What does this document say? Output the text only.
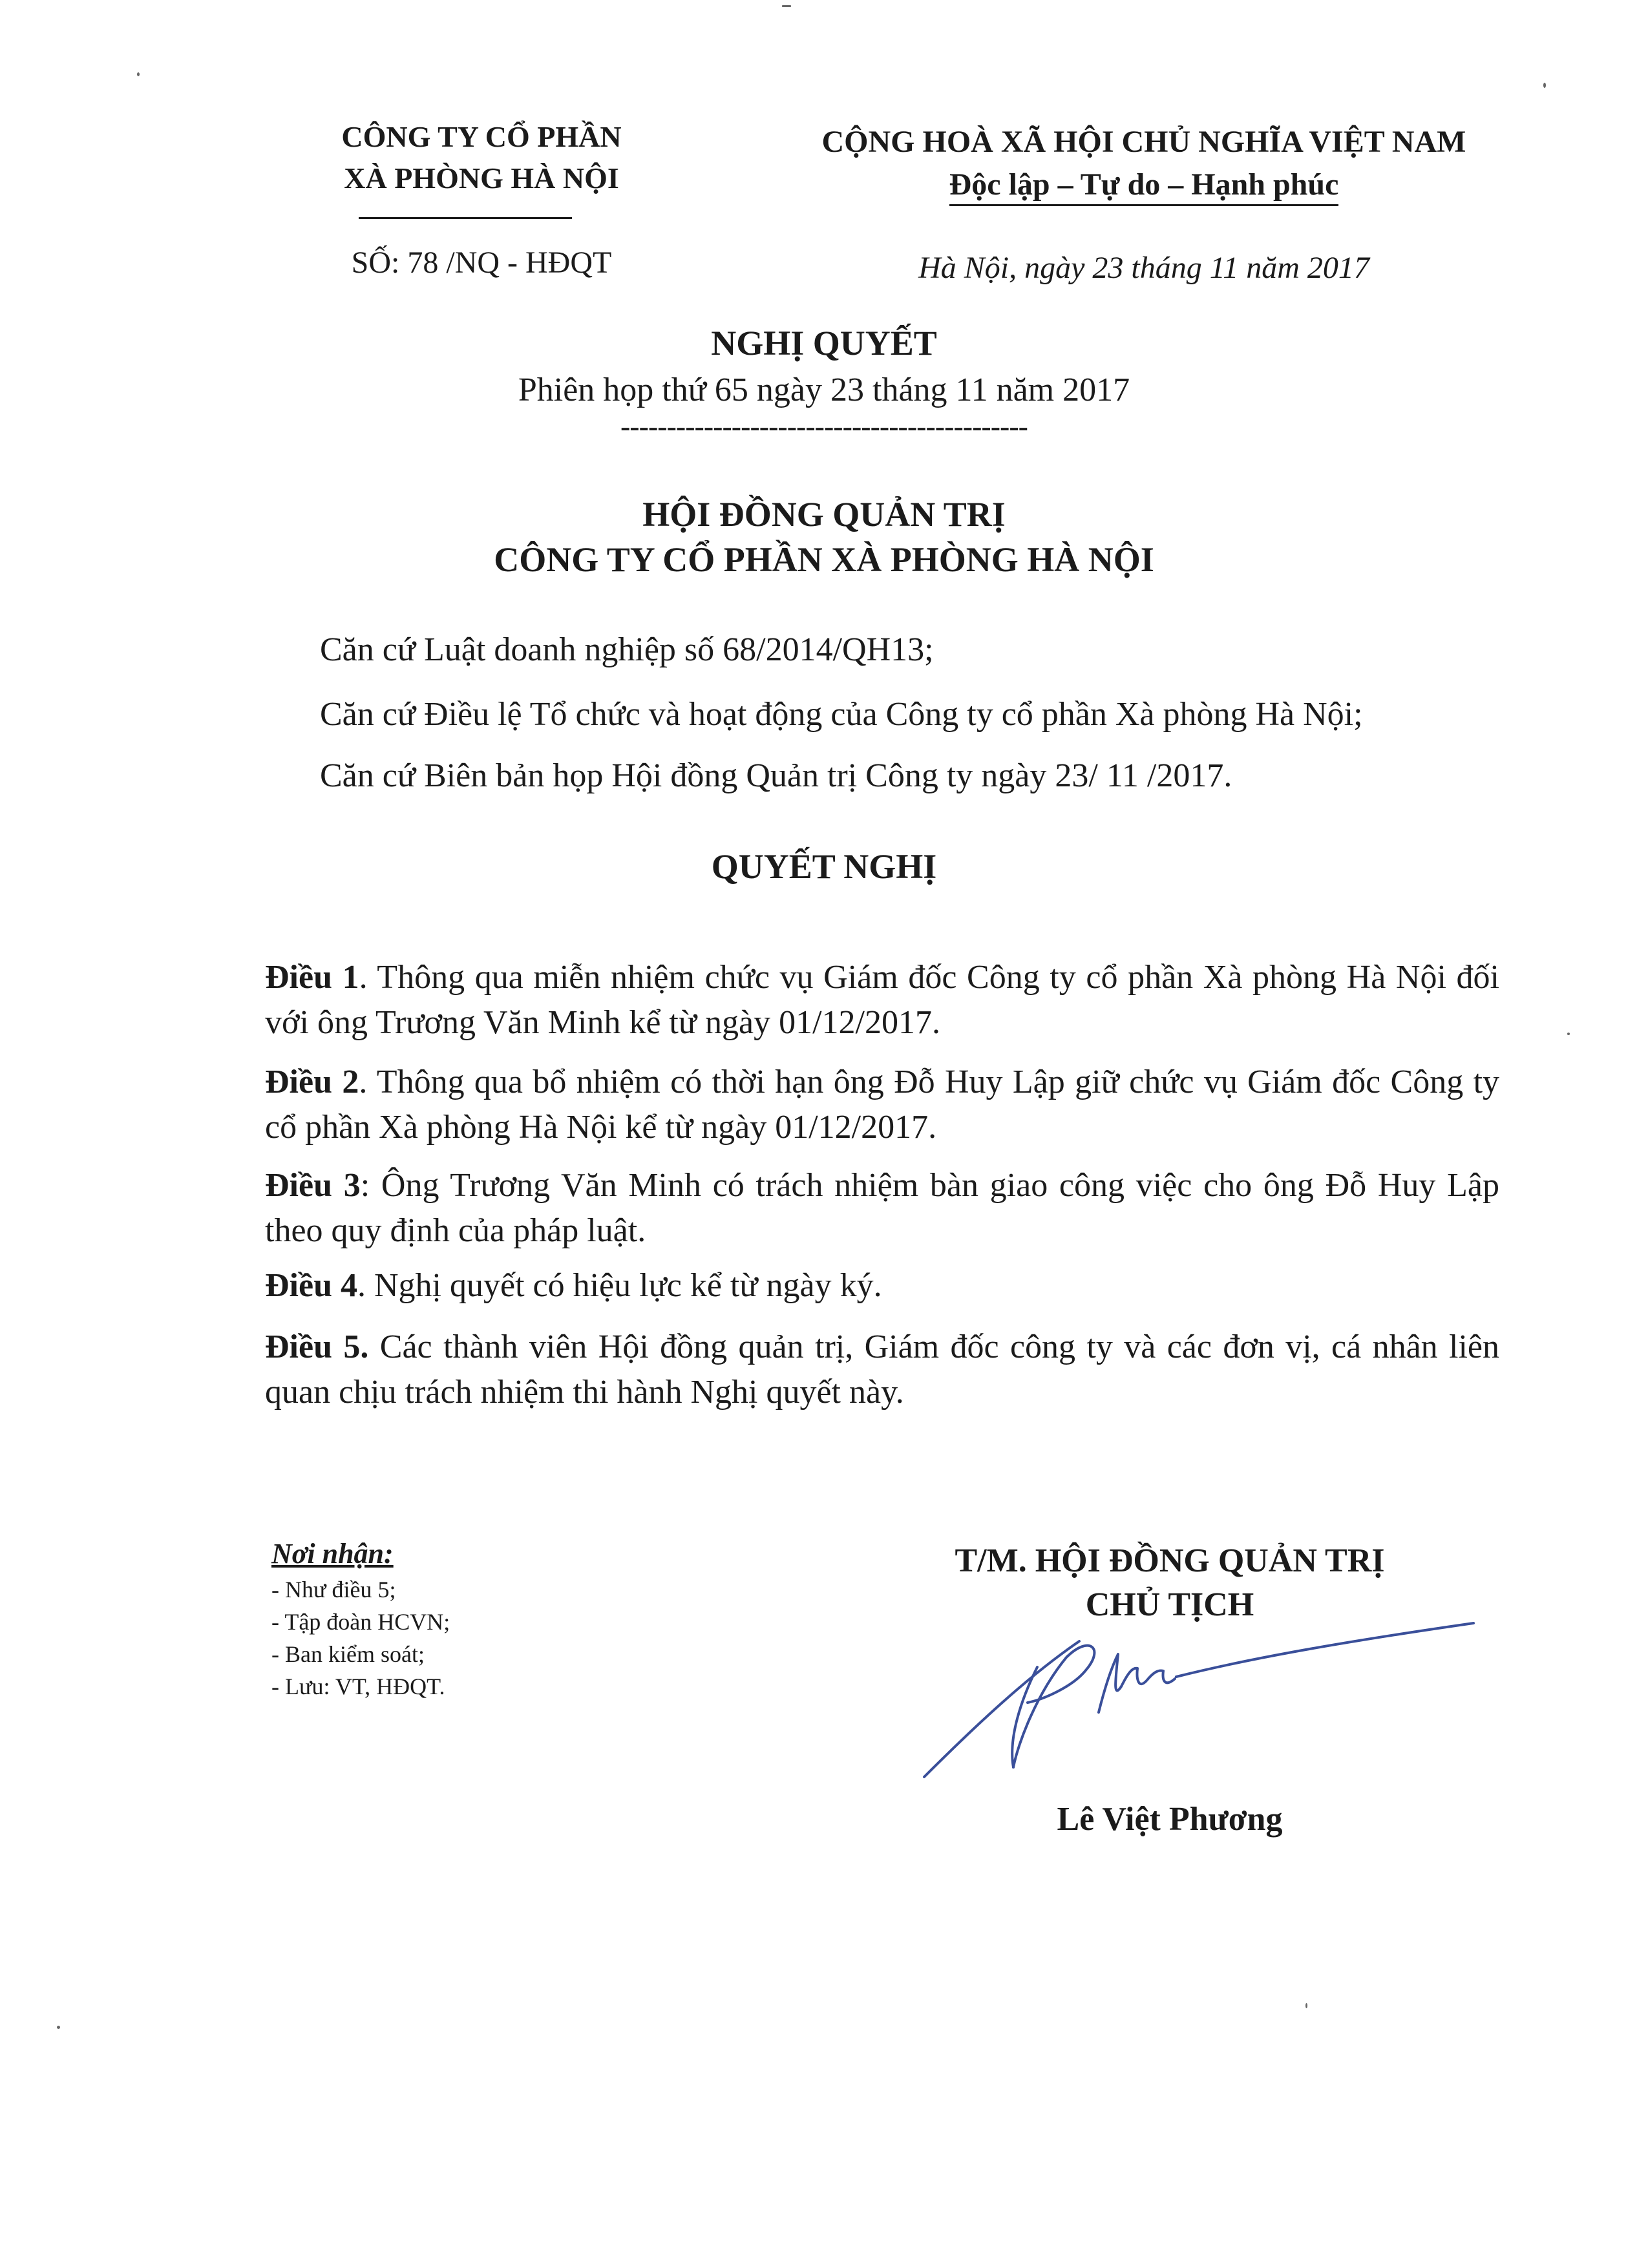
CÔNG TY CỔ PHẦN
XÀ PHÒNG HÀ NỘI
SỐ: 78 /NQ - HĐQT
CỘNG HOÀ XÃ HỘI CHỦ NGHĨA VIỆT NAM
Độc lập – Tự do – Hạnh phúc
Hà Nội, ngày 23 tháng 11 năm 2017
NGHỊ QUYẾT
Phiên họp thứ 65 ngày 23 tháng 11 năm 2017
--------------------------------------------
HỘI ĐỒNG QUẢN TRỊ
CÔNG TY CỔ PHẦN XÀ PHÒNG HÀ NỘI
Căn cứ Luật doanh nghiệp số 68/2014/QH13;
Căn cứ Điều lệ Tổ chức và hoạt động của Công ty cổ phần Xà phòng Hà Nội;
Căn cứ Biên bản họp Hội đồng Quản trị Công ty ngày 23/ 11 /2017.
QUYẾT NGHỊ
Điều 1. Thông qua miễn nhiệm chức vụ Giám đốc Công ty cổ phần Xà phòng Hà Nội đối với ông Trương Văn Minh kể từ ngày 01/12/2017.
Điều 2. Thông qua bổ nhiệm có thời hạn ông Đỗ Huy Lập giữ chức vụ Giám đốc Công ty cổ phần Xà phòng Hà Nội kể từ ngày 01/12/2017.
Điều 3: Ông Trương Văn Minh có trách nhiệm bàn giao công việc cho ông Đỗ Huy Lập theo quy định của pháp luật.
Điều 4. Nghị quyết có hiệu lực kể từ ngày ký.
Điều 5. Các thành viên Hội đồng quản trị, Giám đốc công ty và các đơn vị, cá nhân liên quan chịu trách nhiệm thi hành Nghị quyết này.
Nơi nhận:
- Như điều 5;
- Tập đoàn HCVN;
- Ban kiểm soát;
- Lưu: VT, HĐQT.
T/M. HỘI ĐỒNG QUẢN TRỊ
CHỦ TỊCH
Lê Việt Phương
